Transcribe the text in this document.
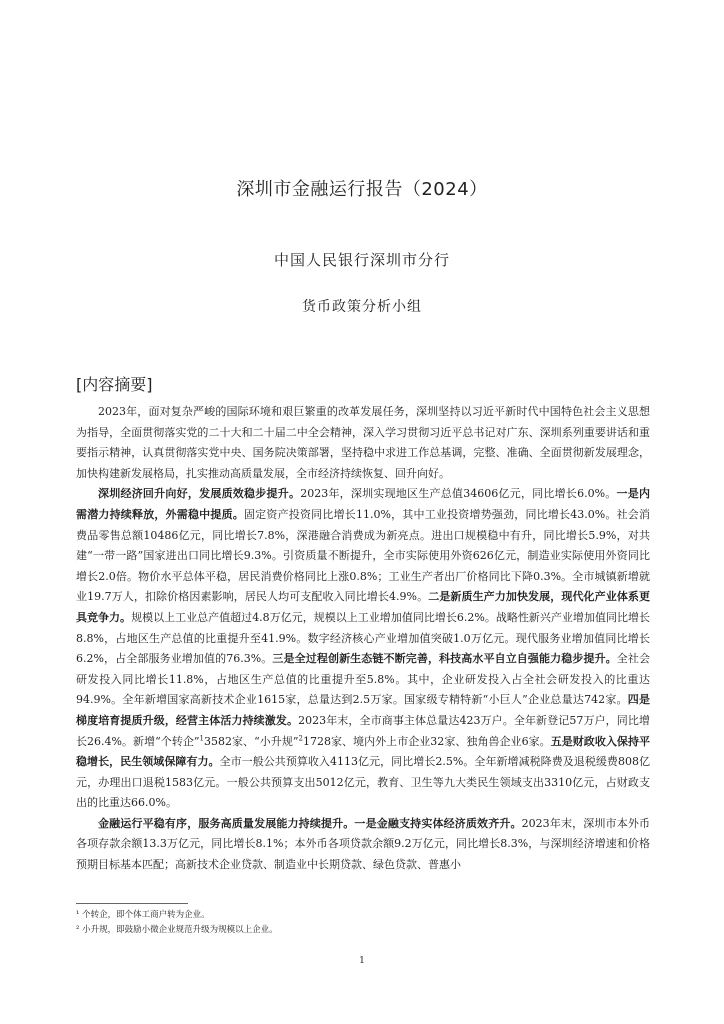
深圳市金融运行报告（2024）
中国人民银行深圳市分行
货币政策分析小组
[内容摘要]

2023年，面对复杂严峻的国际环境和艰巨繁重的改革发展任务，深圳坚持以习近平新时代中国特色社会主义思想为指导，全面贯彻落实党的二十大和二十届二中全会精神，深入学习贯彻习近平总书记对广东、深圳系列重要讲话和重要指示精神，认真贯彻落实党中央、国务院决策部署，坚持稳中求进工作总基调，完整、准确、全面贯彻新发展理念，加快构建新发展格局，扎实推动高质量发展，全市经济持续恢复、回升向好。

深圳经济回升向好，发展质效稳步提升。2023年，深圳实现地区生产总值34606亿元，同比增长6.0%。一是内需潜力持续释放，外需稳中提质。固定资产投资同比增长11.0%，其中工业投资增势强劲，同比增长43.0%。社会消费品零售总额10486亿元，同比增长7.8%，深港融合消费成为新亮点。进出口规模稳中有升，同比增长5.9%，对共建“一带一路”国家进出口同比增长9.3%。引资质量不断提升，全市实际使用外资626亿元，制造业实际使用外资同比增长2.0倍。物价水平总体平稳，居民消费价格同比上涨0.8%；工业生产者出厂价格同比下降0.3%。全市城镇新增就业19.7万人，扣除价格因素影响，居民人均可支配收入同比增长4.9%。二是新质生产力加快发展，现代化产业体系更具竞争力。规模以上工业总产值超过4.8万亿元，规模以上工业增加值同比增长6.2%。战略性新兴产业增加值同比增长8.8%，占地区生产总值的比重提升至41.9%。数字经济核心产业增加值突破1.0万亿元。现代服务业增加值同比增长6.2%，占全部服务业增加值的76.3%。三是全过程创新生态链不断完善，科技高水平自立自强能力稳步提升。全社会研发投入同比增长11.8%，占地区生产总值的比重提升至5.8%。其中，企业研发投入占全社会研发投入的比重达94.9%。全年新增国家高新技术企业1615家，总量达到2.5万家。国家级专精特新“小巨人”企业总量达742家。四是梯度培育提质升级，经营主体活力持续激发。2023年末，全市商事主体总量达423万户。全年新登记57万户，同比增长26.4%。新增“个转企”$^1$3582家、“小升规”$^2$1728家、境内外上市企业32家、独角兽企业6家。五是财政收入保持平稳增长，民生领域保障有力。全市一般公共预算收入4113亿元，同比增长2.5%。全年新增减税降费及退税缓费808亿元，办理出口退税1583亿元。一般公共预算支出5012亿元，教育、卫生等九大类民生领域支出3310亿元，占财政支出的比重达66.0%。

金融运行平稳有序，服务高质量发展能力持续提升。一是金融支持实体经济质效齐升。2023年末，深圳市本外币各项存款余额13.3万亿元，同比增长8.1%；本外币各项贷款余额9.2万亿元，同比增长8.3%，与深圳经济增速和价格预期目标基本匹配；高新技术企业贷款、制造业中长期贷款、绿色贷款、普惠小

¹ 个转企，即个体工商户转为企业。
² 小升规，即鼓励小微企业规范升级为规模以上企业。
1
